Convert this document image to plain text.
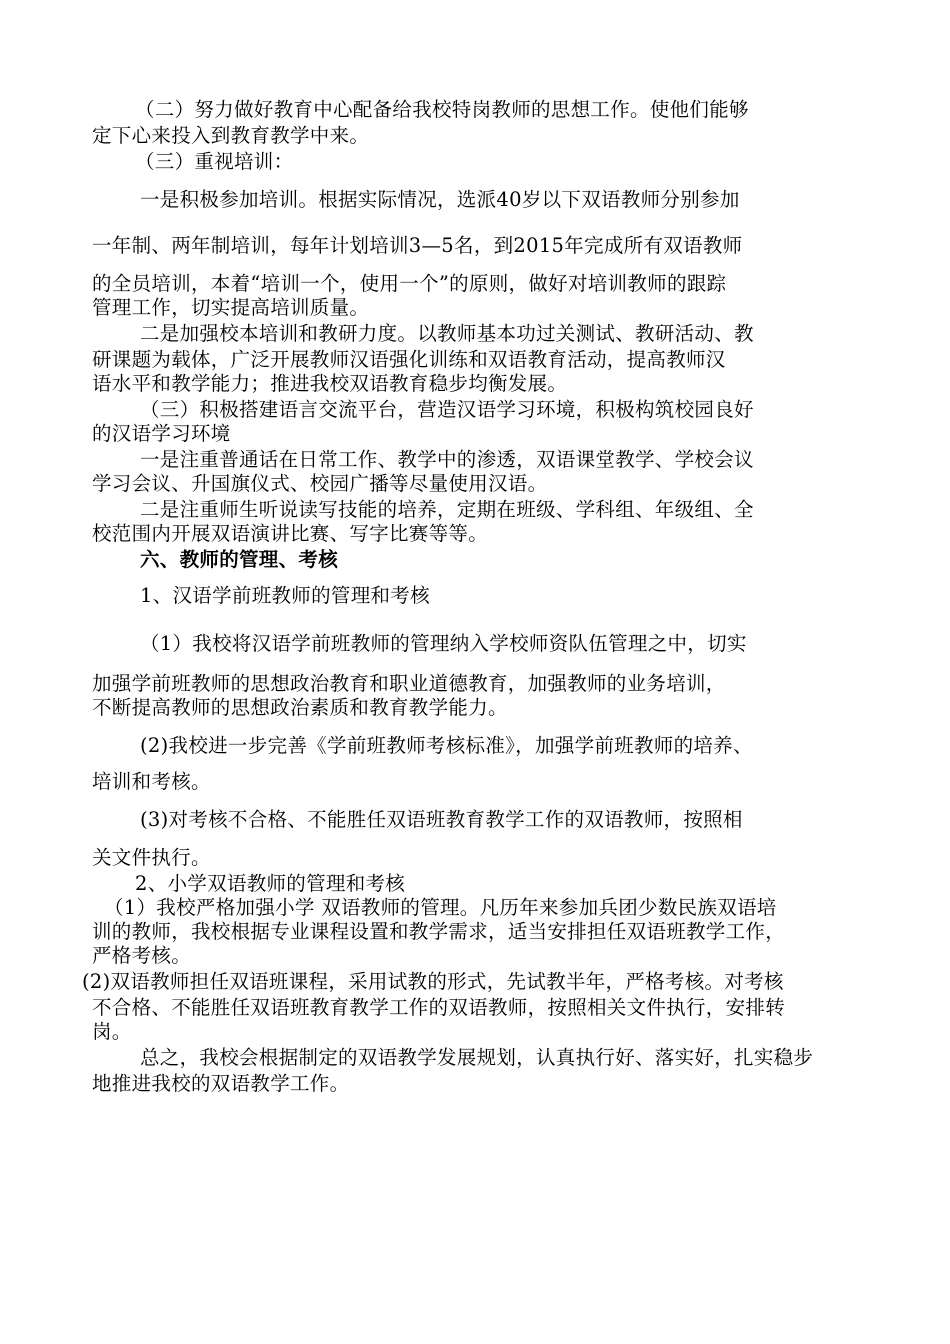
（二）努力做好教育中心配备给我校特岗教师的思想工作。使他们能够
定下心来投入到教育教学中来。
（三）重视培训：
一是积极参加培训。根据实际情况，选派40岁以下双语教师分别参加
一年制、两年制培训，每年计划培训3—5名，到2015年完成所有双语教师
的全员培训，本着“培训一个，使用一个”的原则，做好对培训教师的跟踪
管理工作，切实提高培训质量。
二是加强校本培训和教研力度。以教师基本功过关测试、教研活动、教
研课题为载体，广泛开展教师汉语强化训练和双语教育活动，提高教师汉
语水平和教学能力；推进我校双语教育稳步均衡发展。
（三）积极搭建语言交流平台，营造汉语学习环境，积极构筑校园良好
的汉语学习环境
一是注重普通话在日常工作、教学中的渗透，双语课堂教学、学校会议
学习会议、升国旗仪式、校园广播等尽量使用汉语。
二是注重师生听说读写技能的培养，定期在班级、学科组、年级组、全
校范围内开展双语演讲比赛、写字比赛等等。
六、教师的管理、考核
1、汉语学前班教师的管理和考核
（1）我校将汉语学前班教师的管理纳入学校师资队伍管理之中，切实
加强学前班教师的思想政治教育和职业道德教育，加强教师的业务培训，
不断提高教师的思想政治素质和教育教学能力。
(2)我校进一步完善《学前班教师考核标准》，加强学前班教师的培养、
培训和考核。
(3)对考核不合格、不能胜任双语班教育教学工作的双语教师，按照相
关文件执行。
2、小学双语教师的管理和考核
（1）我校严格加强小学 双语教师的管理。凡历年来参加兵团少数民族双语培
训的教师，我校根据专业课程设置和教学需求，适当安排担任双语班教学工作，
严格考核。
(2)双语教师担任双语班课程，采用试教的形式，先试教半年，严格考核。对考核
不合格、不能胜任双语班教育教学工作的双语教师，按照相关文件执行，安排转
岗。
总之，我校会根据制定的双语教学发展规划，认真执行好、落实好，扎实稳步
地推进我校的双语教学工作。
